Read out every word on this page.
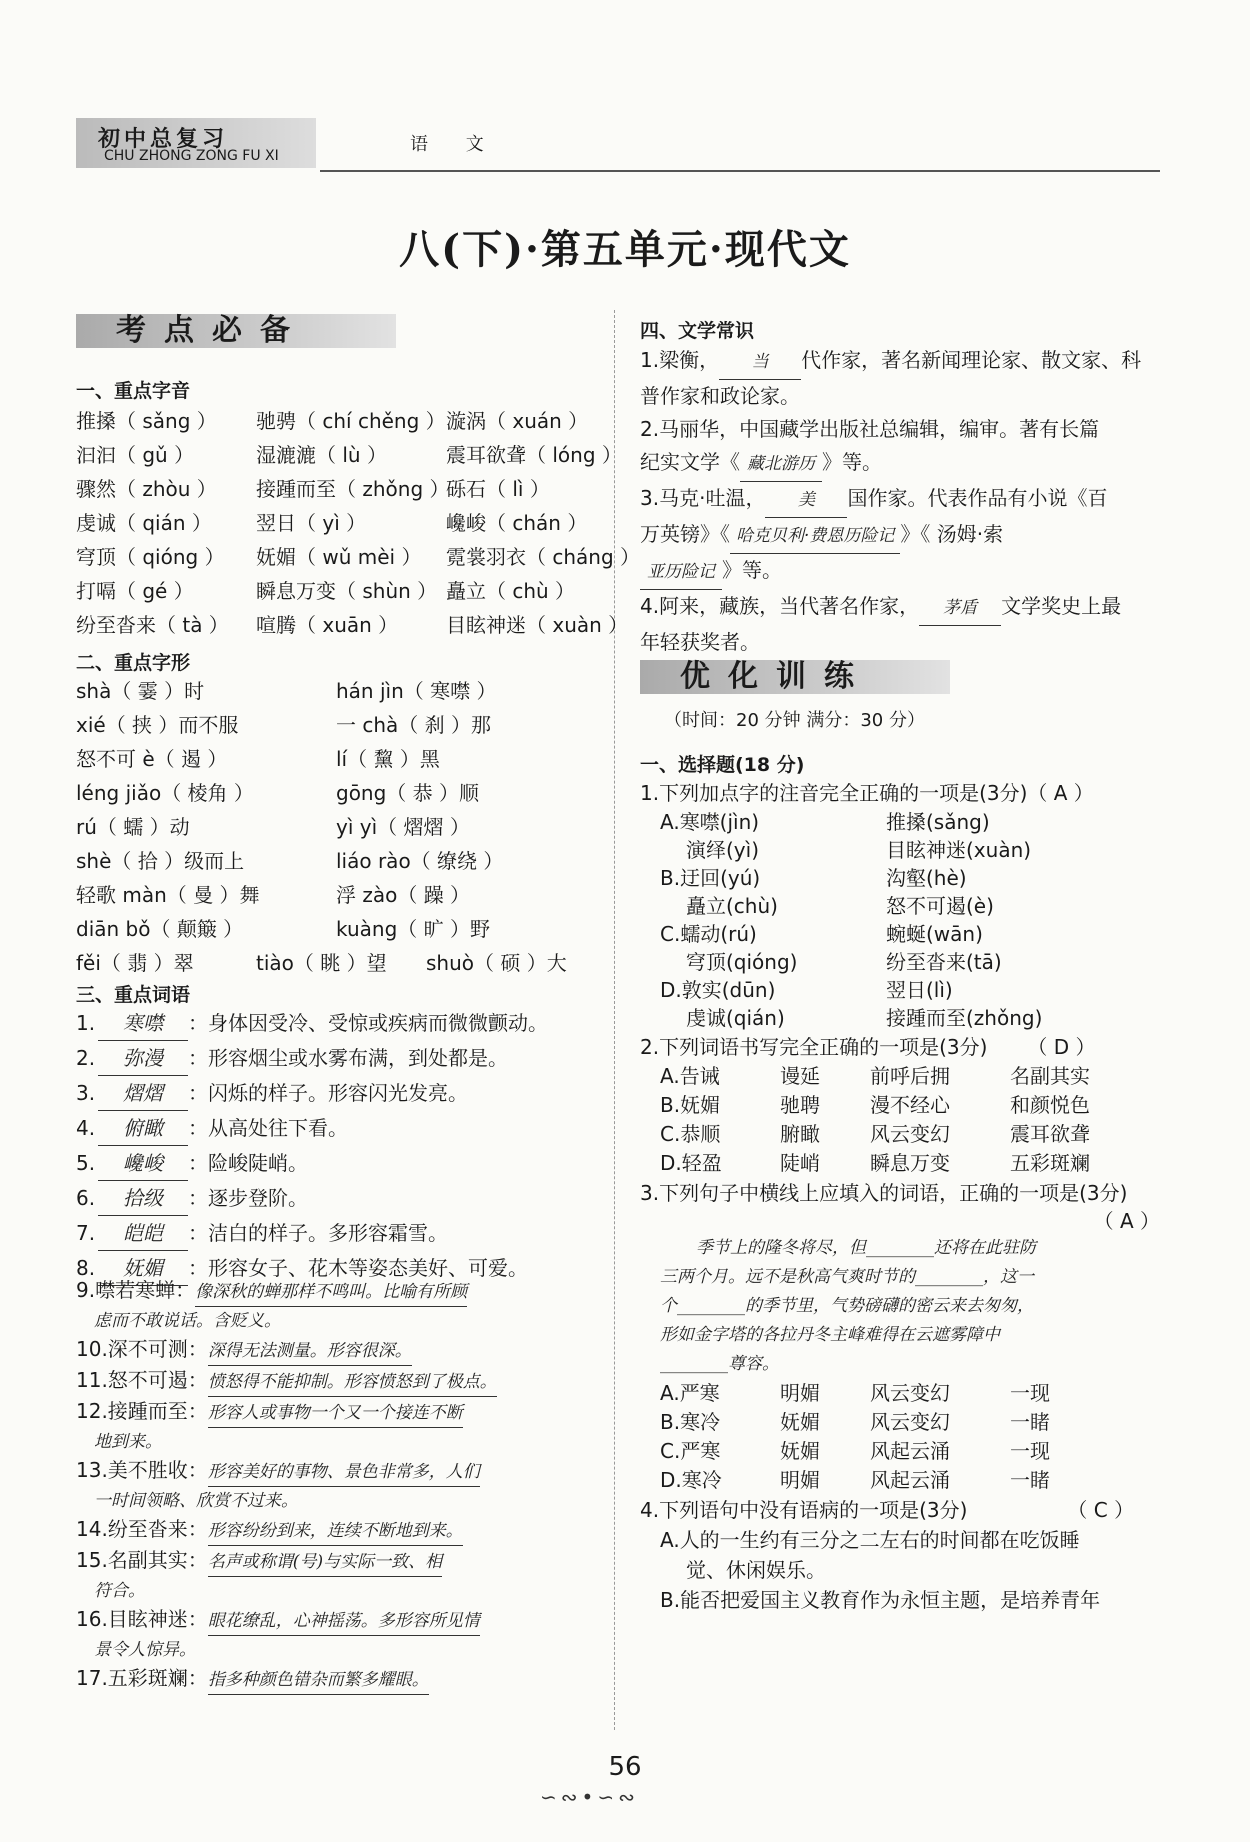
初中总复习
CHU ZHONG ZONG FU XI
语 文
八(下)·第五单元·现代文
考点必备
一、重点字音
推搡（ sǎng ） 驰骋（ chí chěng ）漩涡（ xuán ）
汩汩（ gǔ ）	湿漉漉（ lù ）	震耳欲聋（ lóng ）
骤然（ zhòu ） 接踵而至（ zhǒng ）砾石（ lì ）
虔诚（ qián ） 翌日（ yì ）	巉峻（ chán ）
穹顶（ qióng ） 妩媚（ wǔ mèi ） 霓裳羽衣（ cháng ）
打嗝（ gé ）	瞬息万变（ shùn ） 矗立（ chù ）
纷至沓来（ tà ） 喧腾（ xuān ） 目眩神迷（ xuàn ）
二、重点字形
shà（ 霎 ）时	hán jìn（ 寒噤 ）
xié（ 挟 ）而不服	一 chà（ 刹 ）那
怒不可 è（ 遏 ）	lí（ 黧 ）黑
léng jiǎo（ 棱角 ）	gōng（ 恭 ）顺
rú（ 蠕 ）动	yì yì（ 熠熠 ）
shè（ 拾 ）级而上	liáo rào（ 缭绕 ）
轻歌 màn（ 曼 ）舞	浮 zào（ 躁 ）
diān bǒ（ 颠簸 ）	kuàng（ 旷 ）野
fěi（ 翡 ）翠	tiào（ 眺 ）望 shuò（ 硕 ）大
三、重点词语
1. 寒噤 ：身体因受冷、受惊或疾病而微微颤动。
2. 弥漫 ：形容烟尘或水雾布满，到处都是。
3. 熠熠 ：闪烁的样子。形容闪光发亮。
4. 俯瞰 ：从高处往下看。
5. 巉峻 ：险峻陡峭。
6. 拾级 ：逐步登阶。
7. 皑皑 ：洁白的样子。多形容霜雪。
8. 妩媚 ：形容女子、花木等姿态美好、可爱。
9.噤若寒蝉：像深秋的蝉那样不鸣叫。比喻有所顾
虑而不敢说话。含贬义。
10.深不可测：深得无法测量。形容很深。
11.怒不可遏：愤怒得不能抑制。形容愤怒到了极点。
12.接踵而至：形容人或事物一个又一个接连不断
地到来。
13.美不胜收：形容美好的事物、景色非常多，人们
一时间领略、欣赏不过来。
14.纷至沓来：形容纷纷到来，连续不断地到来。
15.名副其实：名声或称谓(号)与实际一致、相
符合。
16.目眩神迷：眼花缭乱，心神摇荡。多形容所见情
景令人惊异。
17.五彩斑斓：指多种颜色错杂而繁多耀眼。
四、文学常识
1.梁衡， 当 代作家，著名新闻理论家、散文家、科
普作家和政论家。
2.马丽华，中国藏学出版社总编辑，编审。著有长篇
纪实文学《 藏北游历 》等。
3.马克·吐温， 美 国作家。代表作品有小说《百
万英镑》《 哈克贝利·费恩历险记 》《 汤姆·索
亚历险记 》等。
4.阿来，藏族，当代著名作家， 茅盾 文学奖史上最
年轻获奖者。
优化训练
（时间：20 分钟 满分：30 分）
一、选择题(18 分)
1.下列加点字的注音完全正确的一项是(3分)（ A ）
A.寒噤(jìn)	推搡(sǎng)
演绎(yì)	目眩神迷(xuàn)
B.迂回(yú)	沟壑(hè)
矗立(chù)	怒不可遏(è)
C.蠕动(rú)	蜿蜒(wān)
穹顶(qióng)	纷至沓来(tā)
D.敦实(dūn)	翌日(lì)
虔诚(qián)	接踵而至(zhǒng)
2.下列词语书写完全正确的一项是(3分) （ D ）
A.告诫	谩延	前呼后拥	名副其实
B.妩媚	驰聘	漫不经心	和颜悦色
C.恭顺	腑瞰	风云变幻	震耳欲聋
D.轻盈	陡峭	瞬息万变	五彩斑斓
3.下列句子中横线上应填入的词语，正确的一项是(3分)
（ A ）
季节上的隆冬将尽，但________还将在此驻防
三两个月。远不是秋高气爽时节的________，这一
个________的季节里，气势磅礴的密云来去匆匆，
形如金字塔的各拉丹冬主峰难得在云遮雾障中
________尊容。
A.严寒	明媚	风云变幻	一现
B.寒冷	妩媚	风云变幻	一睹
C.严寒	妩媚	风起云涌	一现
D.寒冷	明媚	风起云涌	一睹
4.下列语句中没有语病的一项是(3分)	（ C ）
A.人的一生约有三分之二左右的时间都在吃饭睡
觉、休闲娱乐。
B.能否把爱国主义教育作为永恒主题，是培养青年
56
∽∾•∽∾
